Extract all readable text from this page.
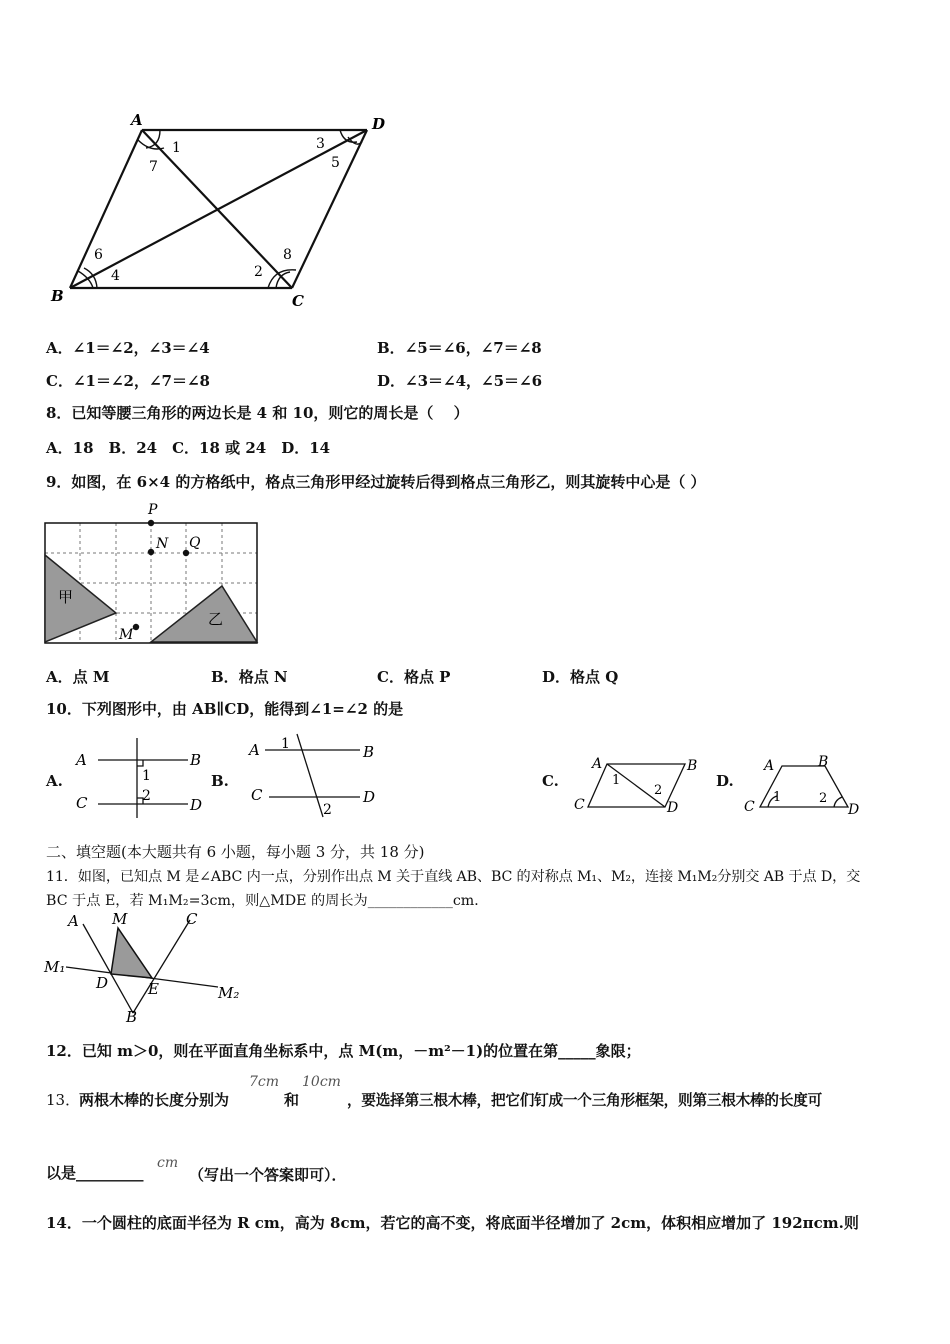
A	D
B	C
1
7
3
5
6
4
8
2
A．∠1＝∠2，∠3＝∠4	B．∠5＝∠6，∠7＝∠8
C．∠1＝∠2，∠7＝∠8	D．∠3＝∠4，∠5＝∠6
8．已知等腰三角形的两边长是 4 和 10，则它的周长是（　 ）
A．18　B．24　C．18 或 24　D．14
9．如图，在 6×4 的方格纸中，格点三角形甲经过旋转后得到格点三角形乙，则其旋转中心是（ ）
P
N Q
M
甲
乙
A．点 M	B．格点 N	C．格点 P	D．格点 Q
10．下列图形中，由 AB∥CD，能得到∠1=∠2 的是
A.
A	B
C	D
1
2
B.
A	B
C	D
1
2
C.
A	B
C	D
1
2
D.
A	B
C	D
1	2
二、填空题(本大题共有 6 小题，每小题 3 分，共 18 分)
11．如图，已知点 M 是∠ABC 内一点，分别作出点 M 关于直线 AB、BC 的对称点 M₁、M₂，连接 M₁M₂分别交 AB 于点 D，交
BC 于点 E，若 M₁M₂=3cm，则△MDE 的周长为____________cm．
A M	C
M₁
D	E	M₂
B
12．已知 m＞0，则在平面直角坐标系中，点 M(m，－m²－1)的位置在第_____象限；
13．
两根木棒的长度分别为
7cm
和
10cm
，要选择第三根木棒，把它们钉成一个三角形框架，则第三根木棒的长度可
以是_________
cm
（写出一个答案即可）．
14．一个圆柱的底面半径为 R cm，高为 8cm，若它的高不变，将底面半径增加了 2cm，体积相应增加了 192πcm.则
